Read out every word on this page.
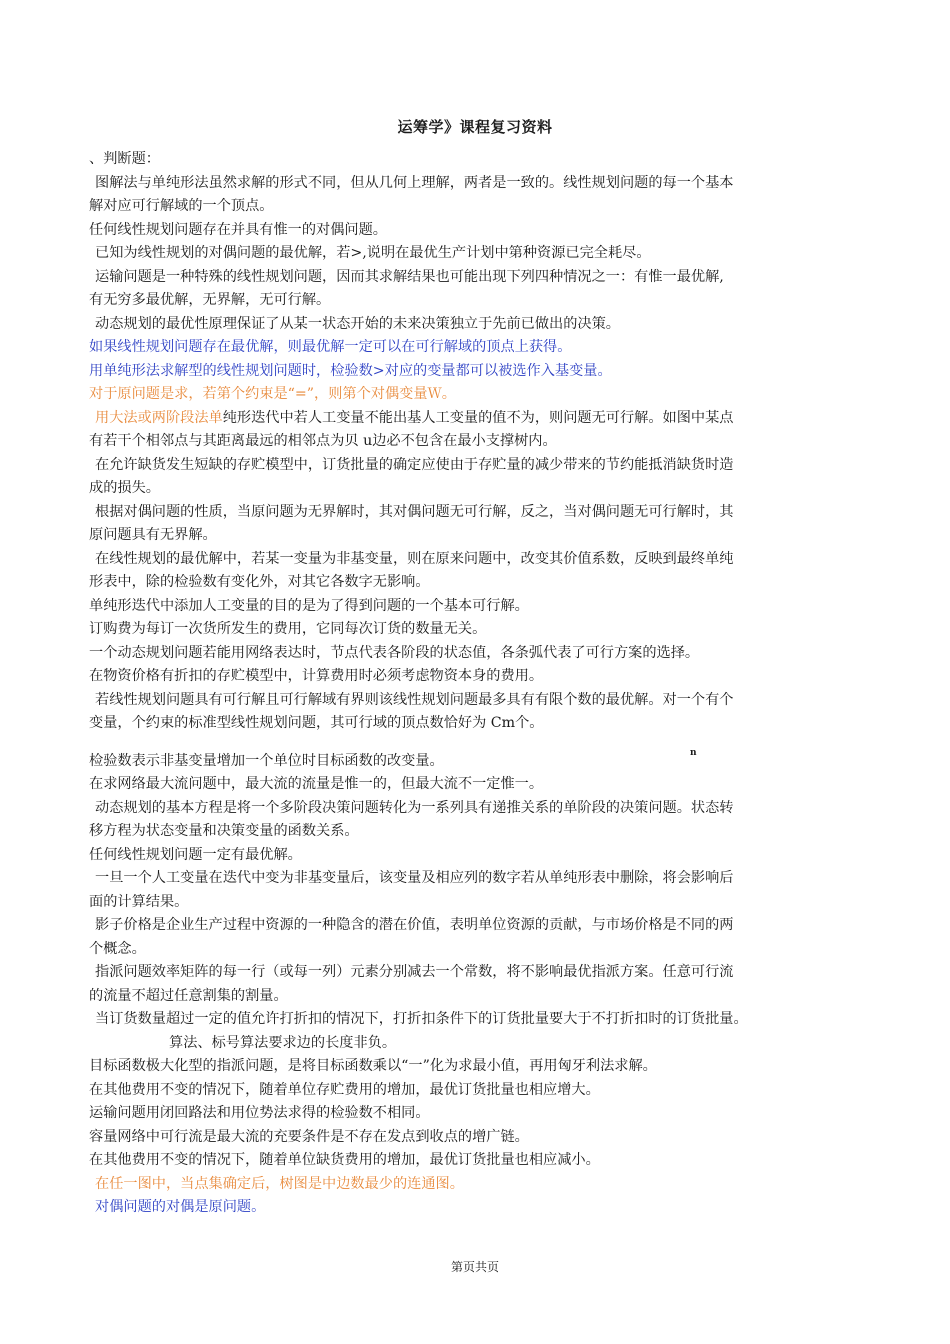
运筹学》课程复习资料
、判断题：
图解法与单纯形法虽然求解的形式不同，但从几何上理解，两者是一致的。线性规划问题的每一个基本
解对应可行解域的一个顶点。
任何线性规划问题存在并具有惟一的对偶问题。
已知为线性规划的对偶问题的最优解，若>,说明在最优生产计划中第种资源已完全耗尽。
运输问题是一种特殊的线性规划问题，因而其求解结果也可能出现下列四种情况之一：有惟一最优解,
有无穷多最优解，无界解，无可行解。
动态规划的最优性原理保证了从某一状态开始的未来决策独立于先前已做出的决策。
如果线性规划问题存在最优解，则最优解一定可以在可行解域的顶点上获得。
用单纯形法求解型的线性规划问题时，检验数>对应的变量都可以被选作入基变量。
对于原问题是求，若第个约束是“=”，则第个对偶变量Ｗ。
用大法或两阶段法单纯形迭代中若人工变量不能出基人工变量的值不为，则问题无可行解。如图中某点
有若干个相邻点与其距离最远的相邻点为贝 u边必不包含在最小支撑树内。
在允许缺货发生短缺的存贮模型中，订货批量的确定应使由于存贮量的减少带来的节约能抵消缺货时造
成的损失。
根据对偶问题的性质，当原问题为无界解时，其对偶问题无可行解，反之，当对偶问题无可行解时，其
原问题具有无界解。
在线性规划的最优解中，若某一变量为非基变量，则在原来问题中，改变其价值系数，反映到最终单纯
形表中，除的检验数有变化外，对其它各数字无影响。
单纯形迭代中添加人工变量的目的是为了得到问题的一个基本可行解。
订购费为每订一次货所发生的费用，它同每次订货的数量无关。
一个动态规划问题若能用网络表达时，节点代表各阶段的状态值，各条弧代表了可行方案的选择。
在物资价格有折扣的存贮模型中，计算费用时必须考虑物资本身的费用。
若线性规划问题具有可行解且可行解域有界则该线性规划问题最多具有有限个数的最优解。对一个有个
变量，个约束的标准型线性规划问题，其可行域的顶点数恰好为 Cm个。
检验数表示非基变量增加一个单位时目标函数的改变量。
在求网络最大流问题中，最大流的流量是惟一的，但最大流不一定惟一。
动态规划的基本方程是将一个多阶段决策问题转化为一系列具有递推关系的单阶段的决策问题。状态转
移方程为状态变量和决策变量的函数关系。
任何线性规划问题一定有最优解。
一旦一个人工变量在迭代中变为非基变量后，该变量及相应列的数字若从单纯形表中删除，将会影响后
面的计算结果。
影子价格是企业生产过程中资源的一种隐含的潜在价值，表明单位资源的贡献，与市场价格是不同的两
个概念。
指派问题效率矩阵的每一行（或每一列）元素分别减去一个常数，将不影响最优指派方案。任意可行流
的流量不超过任意割集的割量。
当订货数量超过一定的值允许打折扣的情况下，打折扣条件下的订货批量要大于不打折扣时的订货批量。
算法、标号算法要求边的长度非负。
目标函数极大化型的指派问题，是将目标函数乘以“一”化为求最小值，再用匈牙利法求解。
在其他费用不变的情况下，随着单位存贮费用的增加，最优订货批量也相应增大。
运输问题用闭回路法和用位势法求得的检验数不相同。
容量网络中可行流是最大流的充要条件是不存在发点到收点的增广链。
在其他费用不变的情况下，随着单位缺货费用的增加，最优订货批量也相应减小。
在任一图中，当点集确定后，树图是中边数最少的连通图。
对偶问题的对偶是原问题。
n
第页共页
